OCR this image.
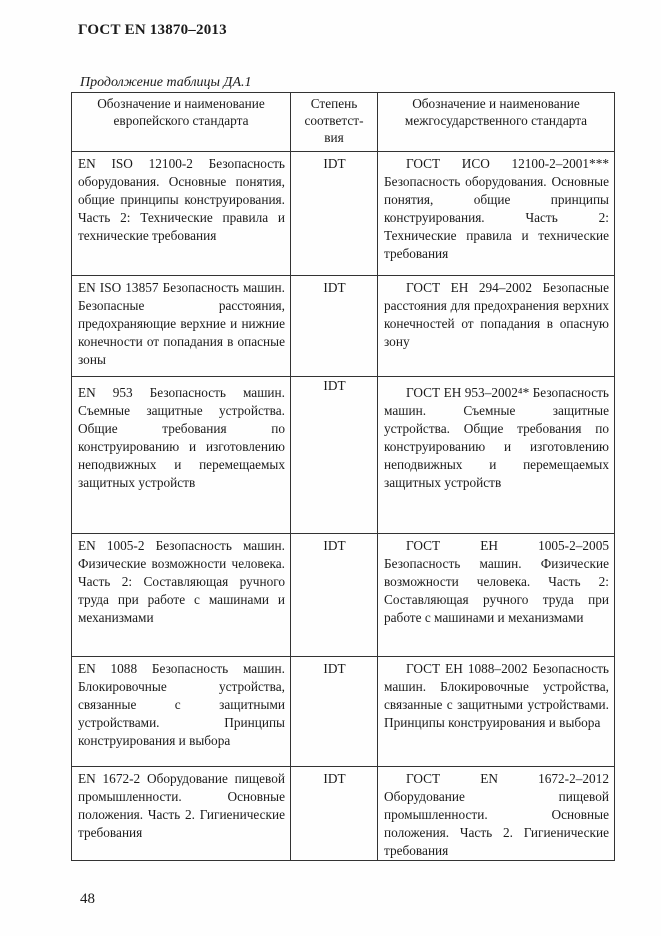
ГОСТ EN 13870–2013
Продолжение таблицы ДА.1
Обозначение и наименование европейского стандарта	Степень соответст-вия	Обозначение и наименование межгосударственного стандарта
EN ISO 12100-2 Безопасность оборудования. Основные понятия, общие принципы конструирования. Часть 2: Технические правила и технические требования	IDT	ГОСТ ИСО 12100-2–2001*** Безопасность оборудования. Основные понятия, общие принципы конструирования. Часть 2: Технические правила и технические требования
EN ISO 13857 Безопасность машин. Безопасные расстояния, предохраняющие верхние и нижние конечности от попадания в опасные зоны	IDT	ГОСТ ЕН 294–2002 Безопасные расстояния для предохранения верхних конечностей от попадания в опасную зону
EN 953 Безопасность машин. Съемные защитные устройства. Общие требования по конструированию и изготовлению неподвижных и перемещаемых защитных устройств	IDT	ГОСТ ЕН 953–2002⁴* Безопасность машин. Съемные защитные устройства. Общие требования по конструированию и изготовлению неподвижных и перемещаемых защитных устройств
EN 1005-2 Безопасность машин. Физические возможности человека. Часть 2: Составляющая ручного труда при работе с машинами и механизмами	IDT	ГОСТ ЕН 1005-2–2005 Безопасность машин. Физические возможности человека. Часть 2: Составляющая ручного труда при работе с машинами и механизмами
EN 1088 Безопасность машин. Блокировочные устройства, связанные с защитными устройствами. Принципы конструирования и выбора	IDT	ГОСТ ЕН 1088–2002 Безопасность машин. Блокировочные устройства, связанные с защитными устройствами. Принципы конструирования и выбора
EN 1672-2 Оборудование пищевой промышленности. Основные положения. Часть 2. Гигиенические требования	IDT	ГОСТ EN 1672-2–2012 Оборудование пищевой промышленности. Основные положения. Часть 2. Гигиенические требования
48
